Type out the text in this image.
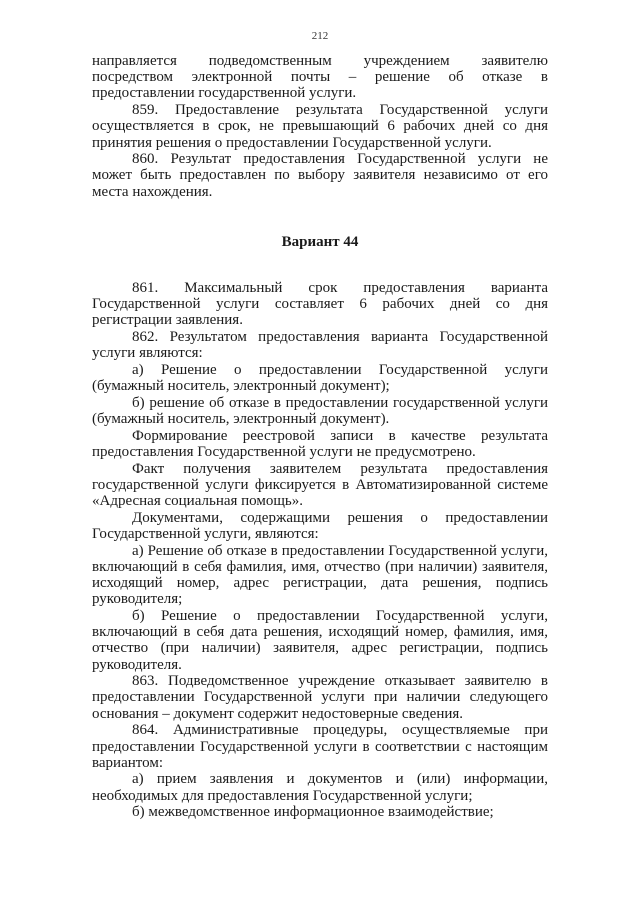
212

направляется подведомственным учреждением заявителю посредством электронной почты – решение об отказе в предоставлении государственной услуги.

859. Предоставление результата Государственной услуги осуществляется в срок, не превышающий 6 рабочих дней со дня принятия решения о предоставлении Государственной услуги.

860. Результат предоставления Государственной услуги не может быть предоставлен по выбору заявителя независимо от его места нахождения.

Вариант 44

861. Максимальный срок предоставления варианта Государственной услуги составляет 6 рабочих дней со дня регистрации заявления.

862. Результатом предоставления варианта Государственной услуги являются:

а) Решение о предоставлении Государственной услуги (бумажный носитель, электронный документ);

б) решение об отказе в предоставлении государственной услуги (бумажный носитель, электронный документ).

Формирование реестровой записи в качестве результата предоставления Государственной услуги не предусмотрено.

Факт получения заявителем результата предоставления государственной услуги фиксируется в Автоматизированной системе «Адресная социальная помощь».

Документами, содержащими решения о предоставлении Государственной услуги, являются:

а) Решение об отказе в предоставлении Государственной услуги, включающий в себя фамилия, имя, отчество (при наличии) заявителя, исходящий номер, адрес регистрации, дата решения, подпись руководителя;

б) Решение о предоставлении Государственной услуги, включающий в себя дата решения, исходящий номер, фамилия, имя, отчество (при наличии) заявителя, адрес регистрации, подпись руководителя.

863. Подведомственное учреждение отказывает заявителю в предоставлении Государственной услуги при наличии следующего основания – документ содержит недостоверные сведения.

864. Административные процедуры, осуществляемые при предоставлении Государственной услуги в соответствии с настоящим вариантом:

а) прием заявления и документов и (или) информации, необходимых для предоставления Государственной услуги;

б) межведомственное информационное взаимодействие;
